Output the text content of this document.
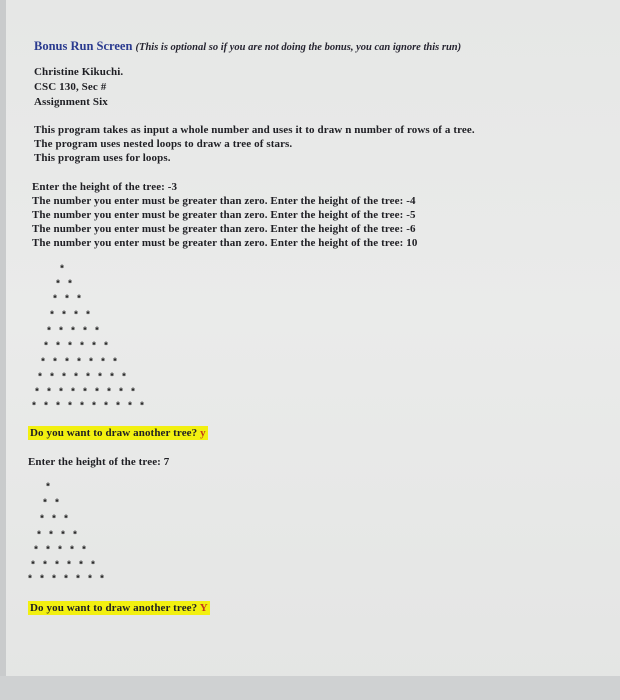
Bonus Run Screen (This is optional so if you are not doing the bonus, you can ignore this run)
Christine Kikuchi.
CSC 130, Sec #
Assignment Six
This program takes as input a whole number and uses it to draw n number of rows of a tree.
The program uses nested loops to draw a tree of stars.
This program uses for loops.
Enter the height of the tree: -3
The number you enter must be greater than zero. Enter the height of the tree: -4
The number you enter must be greater than zero. Enter the height of the tree: -5
The number you enter must be greater than zero. Enter the height of the tree: -6
The number you enter must be greater than zero. Enter the height of the tree: 10
*
* *
* * *
* * * *
* * * * *
* * * * * *
* * * * * * *
* * * * * * * *
* * * * * * * * *
* * * * * * * * * *
Do you want to draw another tree? y
Enter the height of the tree: 7
*
* *
* * *
* * * *
* * * * *
* * * * * *
* * * * * * *
Do you want to draw another tree? Y
